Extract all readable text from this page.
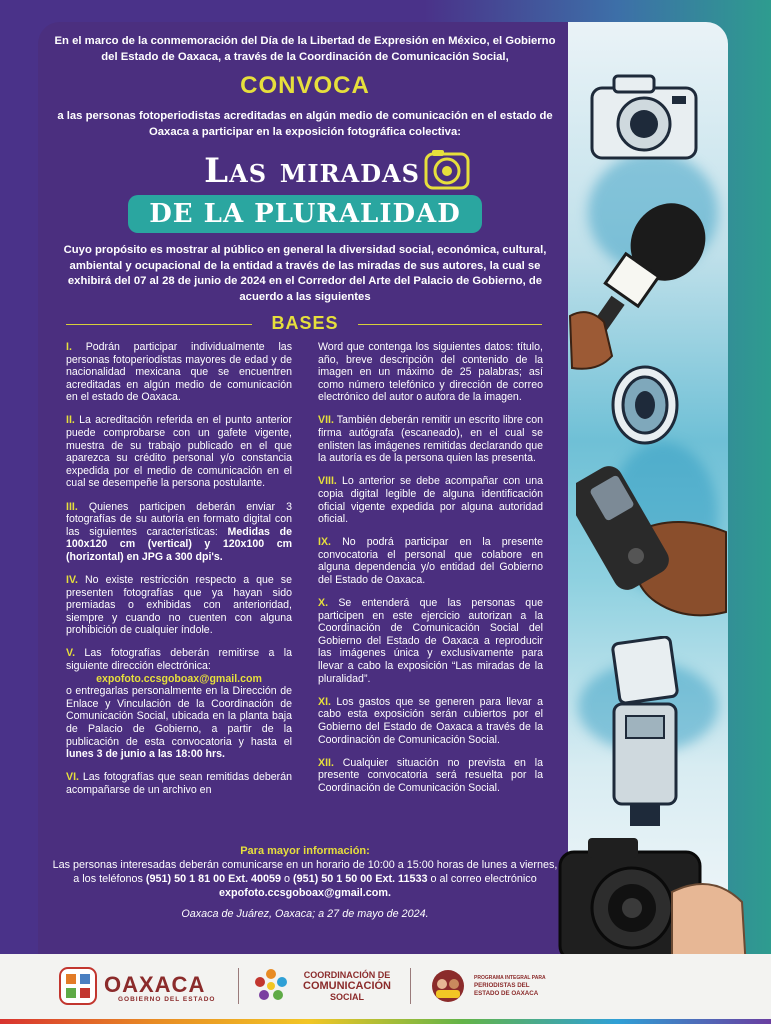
En el marco de la conmemoración del Día de la Libertad de Expresión en México, el Gobierno del Estado de Oaxaca, a través de la Coordinación de Comunicación Social,

CONVOCA

a las personas fotoperiodistas acreditadas en algún medio de comunicación en el estado de Oaxaca a participar en la exposición fotográfica colectiva:

Las miradas
DE LA PLURALIDAD

Cuyo propósito es mostrar al público en general la diversidad social, económica, cultural, ambiental y ocupacional de la entidad a través de las miradas de sus autores, la cual se exhibirá del 07 al 28 de junio de 2024 en el Corredor del Arte del Palacio de Gobierno, de acuerdo a las siguientes

BASES

I. Podrán participar individualmente las personas fotoperiodistas mayores de edad y de nacionalidad mexicana que se encuentren acreditadas en algún medio de comunicación en el estado de Oaxaca.

II. La acreditación referida en el punto anterior puede comprobarse con un gafete vigente, muestra de su trabajo publicado en el que aparezca su crédito personal y/o constancia expedida por el medio de comunicación en el cual se desempeñe la persona postulante.

III. Quienes participen deberán enviar 3 fotografías de su autoría en formato digital con las siguientes características: Medidas de 100x120 cm (vertical) y 120x100 cm (horizontal) en JPG a 300 dpi's.

IV. No existe restricción respecto a que se presenten fotografías que ya hayan sido premiadas o exhibidas con anterioridad, siempre y cuando no cuenten con alguna prohibición de cualquier índole.

V. Las fotografías deberán remitirse a la siguiente dirección electrónica:
expofoto.ccsgoboax@gmail.com
o entregarlas personalmente en la Dirección de Enlace y Vinculación de la Coordinación de Comunicación Social, ubicada en la planta baja de Palacio de Gobierno, a partir de la publicación de esta convocatoria y hasta el lunes 3 de junio a las 18:00 hrs.

VI. Las fotografías que sean remitidas deberán acompañarse de un archivo en

Word que contenga los siguientes datos: título, año, breve descripción del contenido de la imagen en un máximo de 25 palabras; así como número telefónico y dirección de correo electrónico del autor o autora de la imagen.

VII. También deberán remitir un escrito libre con firma autógrafa (escaneado), en el cual se enlisten las imágenes remitidas declarando que la autoría es de la persona quien las presenta.

VIII. Lo anterior se debe acompañar con una copia digital legible de alguna identificación oficial vigente expedida por alguna autoridad oficial.

IX. No podrá participar en la presente convocatoria el personal que colabore en alguna dependencia y/o entidad del Gobierno del Estado de Oaxaca.

X. Se entenderá que las personas que participen en este ejercicio autorizan a la Coordinación de Comunicación Social del Gobierno del Estado de Oaxaca a reproducir las imágenes única y exclusivamente para llevar a cabo la exposición “Las miradas de la pluralidad”.

XI. Los gastos que se generen para llevar a cabo esta exposición serán cubiertos por el Gobierno del Estado de Oaxaca a través de la Coordinación de Comunicación Social.

XII. Cualquier situación no prevista en la presente convocatoria será resuelta por la Coordinación de Comunicación Social.

Para mayor información:

Las personas interesadas deberán comunicarse en un horario de 10:00 a 15:00 horas de lunes a viernes, a los teléfonos (951) 50 1 81 00 Ext. 40059 o (951) 50 1 50 00 Ext. 11533 o al correo electrónico expofoto.ccsgoboax@gmail.com.

Oaxaca de Juárez, Oaxaca; a 27 de mayo de 2024.

OAXACA
GOBIERNO DEL ESTADO
COORDINACIÓN DE
COMUNICACIÓN
SOCIAL
PROGRAMA INTEGRAL PARA
PERIODISTAS DEL
ESTADO DE OAXACA
